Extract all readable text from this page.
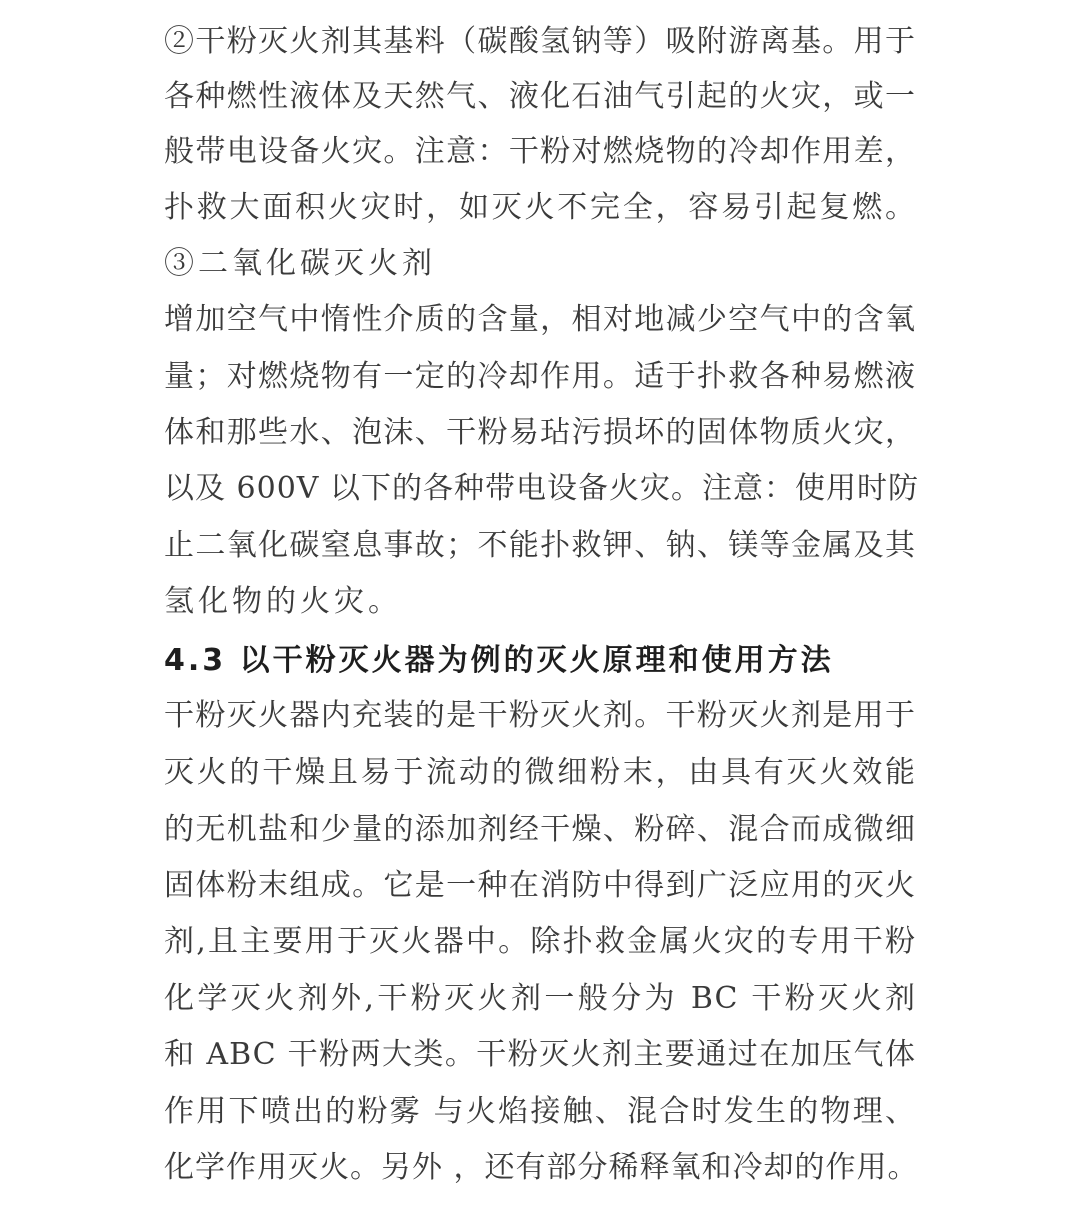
②干粉灭火剂其基料（碳酸氢钠等）吸附游离基。用于
各种燃性液体及天然气、液化石油气引起的火灾，或一
般带电设备火灾。注意：干粉对燃烧物的冷却作用差，
扑救大面积火灾时，如灭火不完全，容易引起复燃。
③二氧化碳灭火剂
增加空气中惰性介质的含量，相对地减少空气中的含氧
量；对燃烧物有一定的冷却作用。适于扑救各种易燃液
体和那些水、泡沫、干粉易玷污损坏的固体物质火灾，
以及 600V 以下的各种带电设备火灾。注意：使用时防
止二氧化碳窒息事故；不能扑救钾、钠、镁等金属及其
氢化物的火灾。
4.3 以干粉灭火器为例的灭火原理和使用方法
干粉灭火器内充装的是干粉灭火剂。干粉灭火剂是用于
灭火的干燥且易于流动的微细粉末，由具有灭火效能
的无机盐和少量的添加剂经干燥、粉碎、混合而成微细
固体粉末组成。它是一种在消防中得到广泛应用的灭火
剂,且主要用于灭火器中。除扑救金属火灾的专用干粉
化学灭火剂外,干粉灭火剂一般分为 BC 干粉灭火剂
和 ABC 干粉两大类。干粉灭火剂主要通过在加压气体
作用下喷出的粉雾 与火焰接触、混合时发生的物理、
化学作用灭火。另外 ，还有部分稀释氧和冷却的作用。
